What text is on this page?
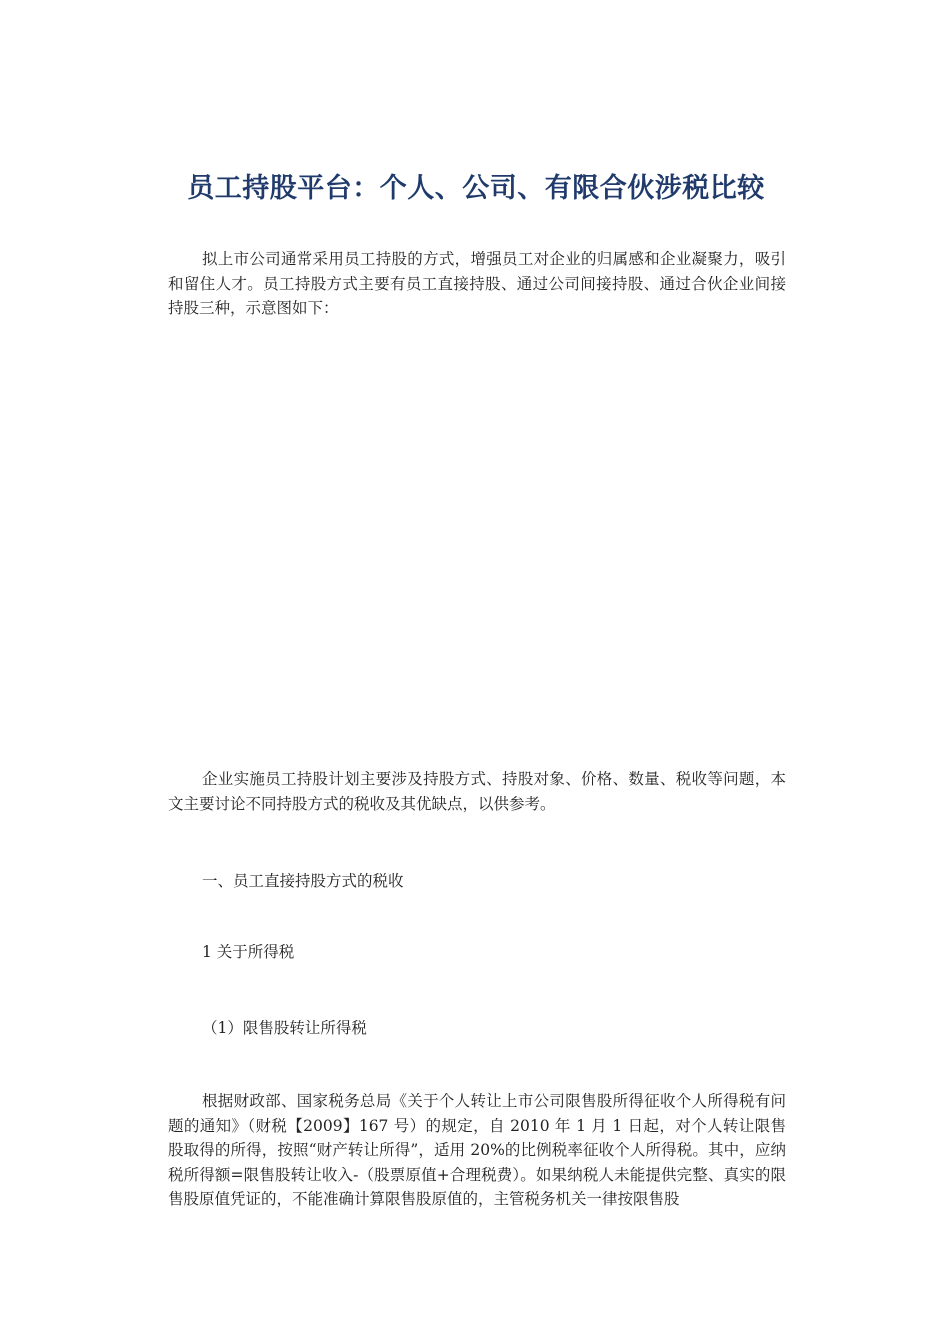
员工持股平台：个人、公司、有限合伙涉税比较

拟上市公司通常采用员工持股的方式，增强员工对企业的归属感和企业凝聚力，吸引和留住人才。员工持股方式主要有员工直接持股、通过公司间接持股、通过合伙企业间接持股三种，示意图如下：

企业实施员工持股计划主要涉及持股方式、持股对象、价格、数量、税收等问题，本文主要讨论不同持股方式的税收及其优缺点，以供参考。

一、员工直接持股方式的税收

1 关于所得税

（1）限售股转让所得税

根据财政部、国家税务总局《关于个人转让上市公司限售股所得征收个人所得税有问题的通知》（财税【2009】167 号）的规定，自 2010 年 1 月 1 日起，对个人转让限售股取得的所得，按照“财产转让所得”，适用 20%的比例税率征收个人所得税。其中，应纳税所得额=限售股转让收入-（股票原值+合理税费）。如果纳税人未能提供完整、真实的限售股原值凭证的，不能准确计算限售股原值的，主管税务机关一律按限售股
